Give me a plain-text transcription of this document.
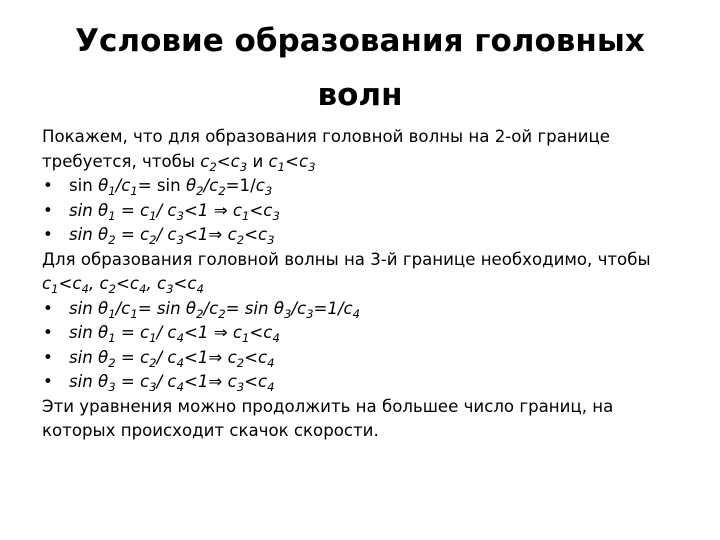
Условие образования головных
волн

Покажем, что для образования головной волны на 2-ой границе требуется, чтобы $c_2<c_3$ и $c_1<c_3$

• $\sin \theta_1/c_1= \sin \theta_2/c_2=1/c_3$

• $\sin \theta_1 = c_1/$ $c_3<1$ ⇒ $c_1<c_3$

• $\sin \theta_2 = c_2/$ $c_3<1\Rightarrow$ $c_2<c_3$

Для образования головной волны на 3-й границе необходимо, чтобы $c_1<c_4$, $c_2<c_4$, $c_3<c_4$

• $\sin \theta_1/c_1= \sin \theta_2/c_2= \sin \theta_3/c_3=1/c_4$

• $\sin \theta_1 = c_1/$ $c_4<1$ ⇒ $c_1<c_4$

• $\sin \theta_2 = c_2/$ $c_4<1\Rightarrow$ $c_2<c_4$

• $\sin \theta_3 = c_3/$ $c_4<1\Rightarrow$ $c_3<c_4$

Эти уравнения можно продолжить на большее число границ, на которых происходит скачок скорости.
